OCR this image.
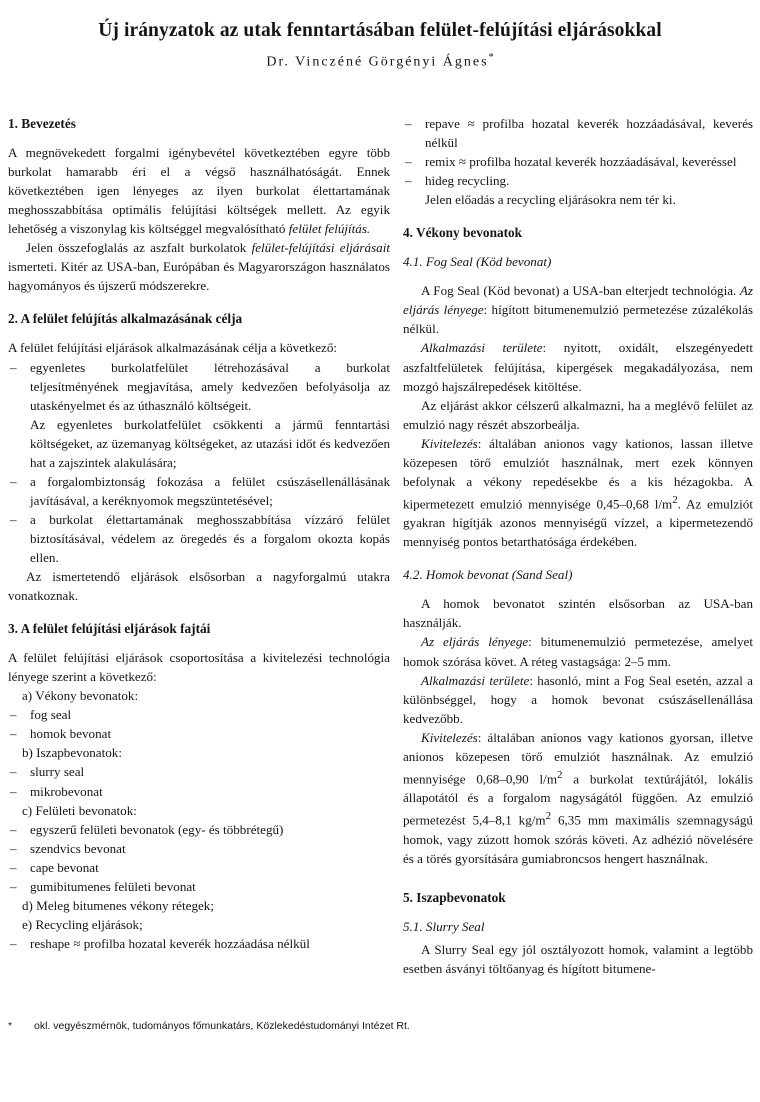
Új irányzatok az utak fenntartásában felület-felújítási eljárásokkal
Dr. Vinczéné Görgényi Ágnes*

1. Bevezetés

A megnövekedett forgalmi igénybevétel következtében egyre több burkolat hamarabb éri el a végső használhatóságát. Ennek következtében igen lényeges az ilyen burkolat élettartamának meghosszabbítása optimális felújítási költségek mellett. Az egyik lehetőség a viszonylag kis költséggel megvalósítható felület felújítás.

Jelen összefoglalás az aszfalt burkolatok felület-felújítási eljárásait ismerteti. Kitér az USA-ban, Európában és Magyarországon használatos hagyományos és újszerű módszerekre.

2. A felület felújítás alkalmazásának célja

A felület felújítási eljárások alkalmazásának célja a következő:

– egyenletes burkolatfelület létrehozásával a burkolat teljesítményének megjavítása, amely kedvezően befolyásolja az utaskényelmet és az úthasználó költségeit.
Az egyenletes burkolatfelület csökkenti a jármű fenntartási költségeket, az üzemanyag költségeket, az utazási időt és kedvezően hat a zajszintek alakulására;
– a forgalombiztonság fokozása a felület csúszásellenállásának javításával, a keréknyomok megszüntetésével;
– a burkolat élettartamának meghosszabbítása vízzáró felület biztosításával, védelem az öregedés és a forgalom okozta kopás ellen.

Az ismertetendő eljárások elsősorban a nagyforgalmú utakra vonatkoznak.

3. A felület felújítási eljárások fajtái

A felület felújítási eljárások csoportosítása a kivitelezési technológia lényege szerint a következő:

a) Vékony bevonatok:

– fog seal
– homok bevonat

b) Iszapbevonatok:

– slurry seal
– mikrobevonat

c) Felületi bevonatok:

– egyszerű felületi bevonatok (egy- és többrétegű)
– szendvics bevonat
– cape bevonat
– gumibitumenes felületi bevonat

d) Meleg bitumenes vékony rétegek;

e) Recycling eljárások;

– reshape ≈ profilba hozatal keverék hozzáadása nélkül
– repave ≈ profilba hozatal keverék hozzáadásával, keverés nélkül
– remix ≈ profilba hozatal keverék hozzáadásával, keveréssel
– hideg recycling.

Jelen előadás a recycling eljárásokra nem tér ki.

4. Vékony bevonatok

4.1. Fog Seal (Köd bevonat)

A Fog Seal (Köd bevonat) a USA-ban elterjedt technológia. Az eljárás lényege: hígított bitumenemulzió permetezése zúzalékolás nélkül.

Alkalmazási területe: nyitott, oxidált, elszegényedett aszfaltfelületek felújítása, kipergések megakadályozása, nem mozgó hajszálrepedések kitöltése.

Az eljárást akkor célszerű alkalmazni, ha a meglévő felület az emulzió nagy részét abszorbeálja.

Kivitelezés: általában anionos vagy kationos, lassan illetve közepesen törő emulziót használnak, mert ezek könnyen befolynak a vékony repedésekbe és a kis hézagokba. A kipermetezett emulzió mennyisége 0,45–0,68 $l/m^2$. Az emulziót gyakran hígítják azonos mennyiségű vízzel, a kipermetezendő mennyiség pontos betarthatósága érdekében.

4.2. Homok bevonat (Sand Seal)

A homok bevonatot szintén elsősorban az USA-ban használják.

Az eljárás lényege: bitumenemulzió permetezése, amelyet homok szórása követ. A réteg vastagsága: 2–5 mm.

Alkalmazási területe: hasonló, mint a Fog Seal esetén, azzal a különbséggel, hogy a homok bevonat csúszásellenállása kedvezőbb.

Kivitelezés: általában anionos vagy kationos gyorsan, illetve anionos közepesen törő emulziót használnak. Az emulzió mennyisége 0,68–0,90 $l/m^2$ a burkolat textúrájától, lokális állapotától és a forgalom nagyságától függően. Az emulzió permetezést 5,4–8,1 $kg/m^2$ 6,35 mm maximális szemnagyságú homok, vagy zúzott homok szórás követi. Az adhézió növelésére és a törés gyorsítására gumiabroncsos hengert használnak.

5. Iszapbevonatok

5.1. Slurry Seal

A Slurry Seal egy jól osztályozott homok, valamint a legtöbb esetben ásványi töltőanyag és hígított bitumene-

* okl. vegyészmérnök, tudományos főmunkatárs, Közlekedéstudományi Intézet Rt.
